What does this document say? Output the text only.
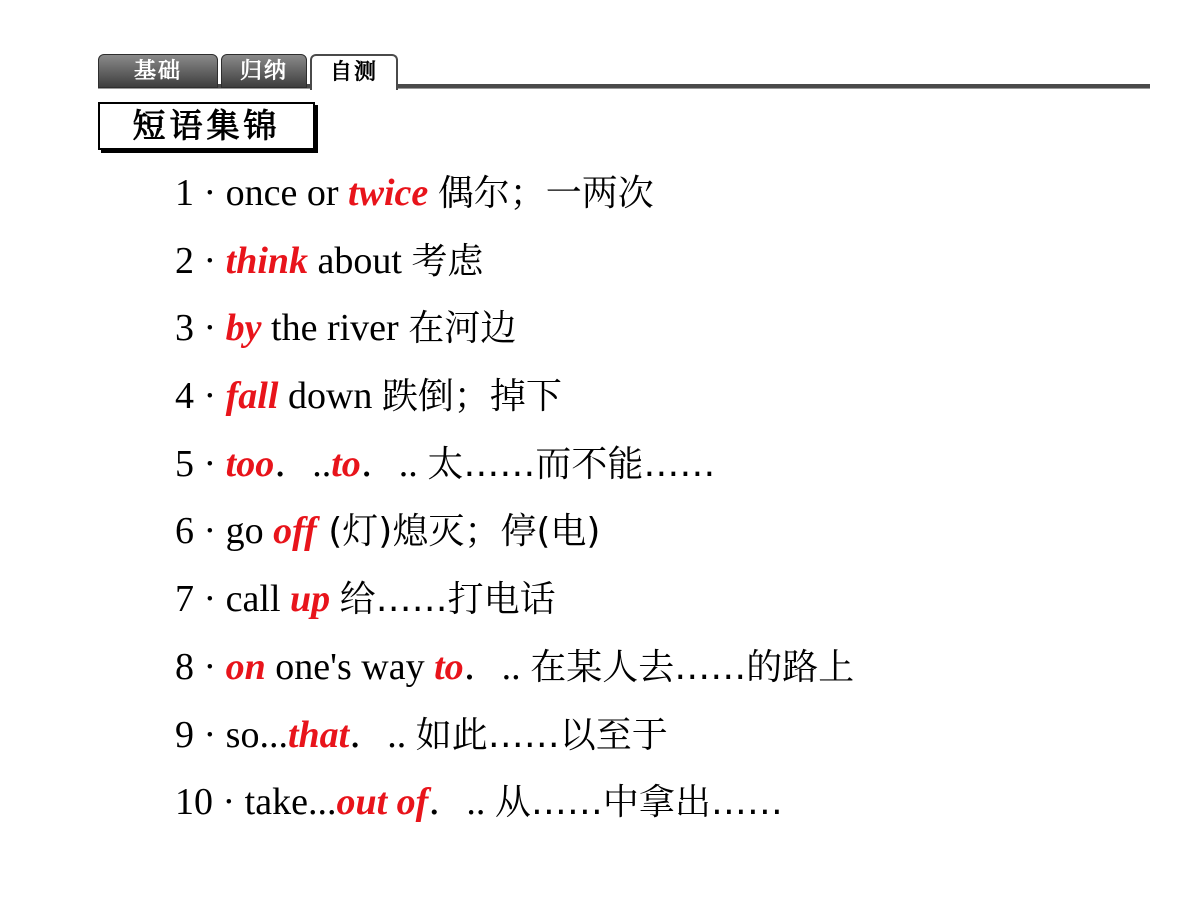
基础	归纳	自测
短语集锦
1 · once or twice 偶尔；一两次
2 · think about 考虑
3 · by the river 在河边
4 · fall down 跌倒；掉下
5 · too．..to．.. 太……而不能……
6 · go off (灯)熄灭；停(电)
7 · call up 给……打电话
8 · on one's way to．.. 在某人去……的路上
9 · so...that．.. 如此……以至于
10 · take...out of．.. 从……中拿出……
